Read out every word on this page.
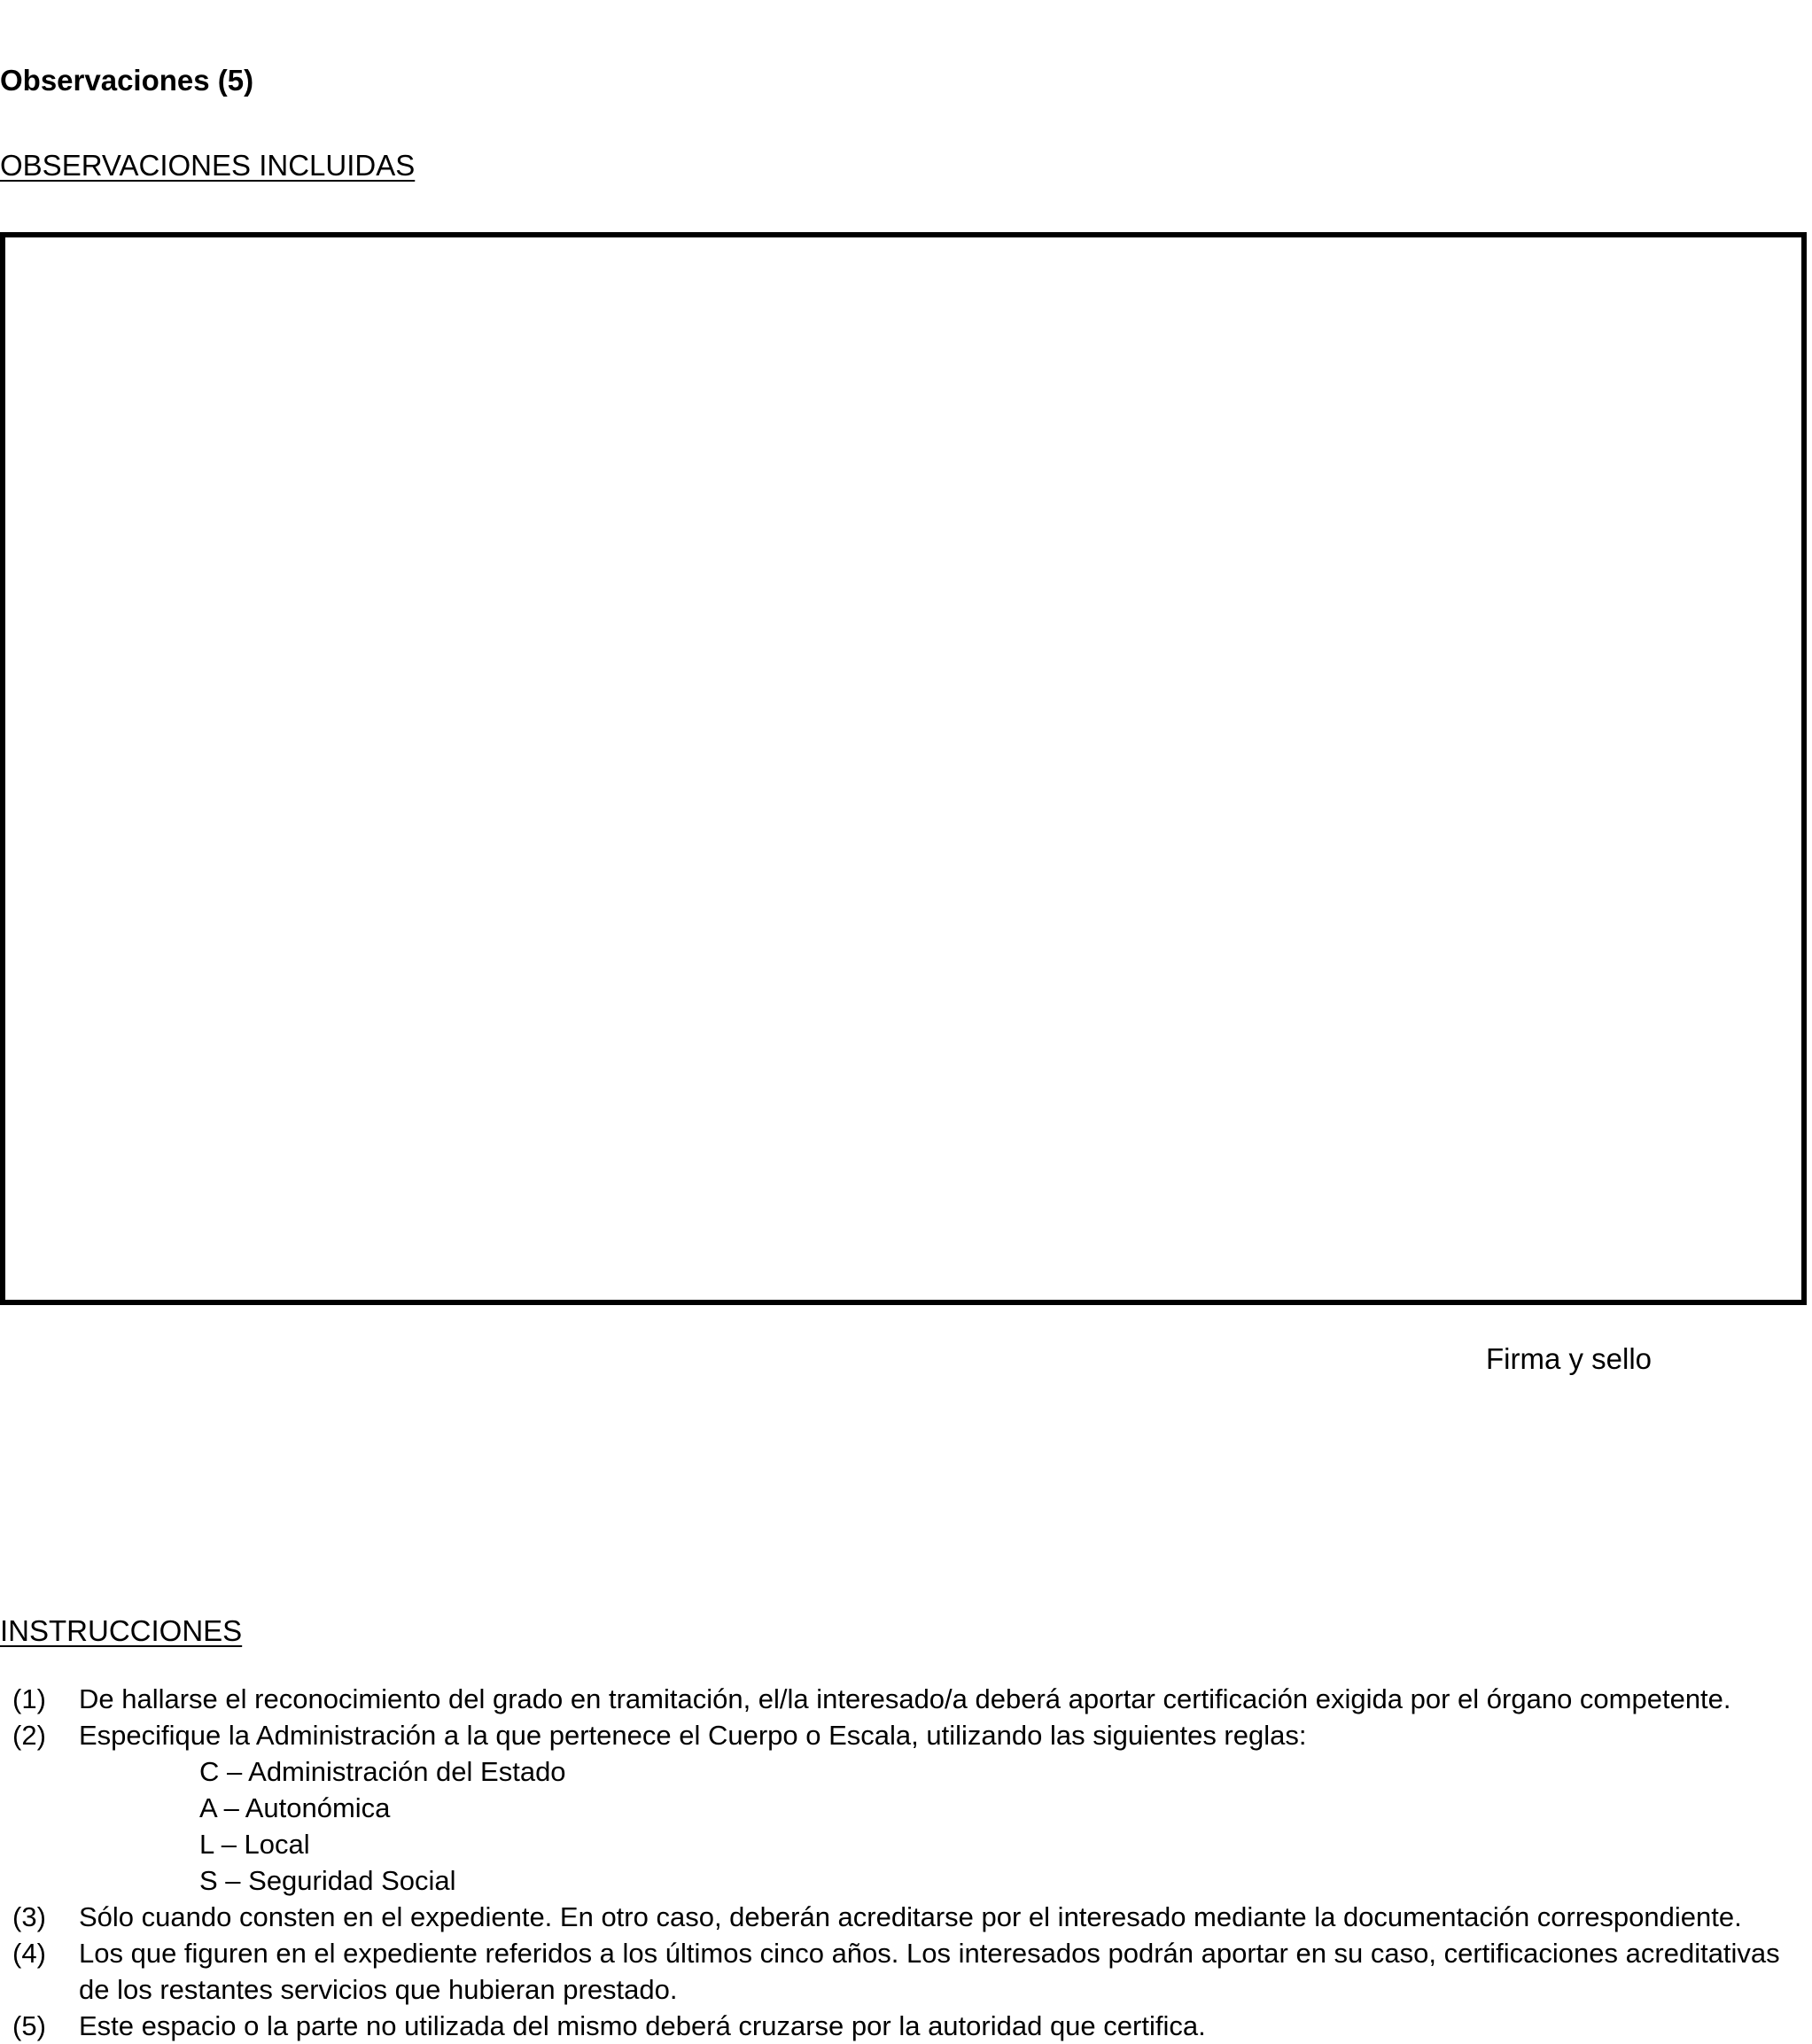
Observaciones (5)
OBSERVACIONES INCLUIDAS
Firma y sello
INSTRUCCIONES
(1) De hallarse el reconocimiento del grado en tramitación, el/la interesado/a deberá aportar certificación exigida por el órgano competente.
(2) Especifique la Administración a la que pertenece el Cuerpo o Escala, utilizando las siguientes reglas:
C – Administración del Estado
A – Autonómica
L – Local
S – Seguridad Social
(3) Sólo cuando consten en el expediente. En otro caso, deberán acreditarse por el interesado mediante la documentación correspondiente.
(4) Los que figuren en el expediente referidos a los últimos cinco años. Los interesados podrán aportar en su caso, certificaciones acreditativas
de los restantes servicios que hubieran prestado.
(5) Este espacio o la parte no utilizada del mismo deberá cruzarse por la autoridad que certifica.
